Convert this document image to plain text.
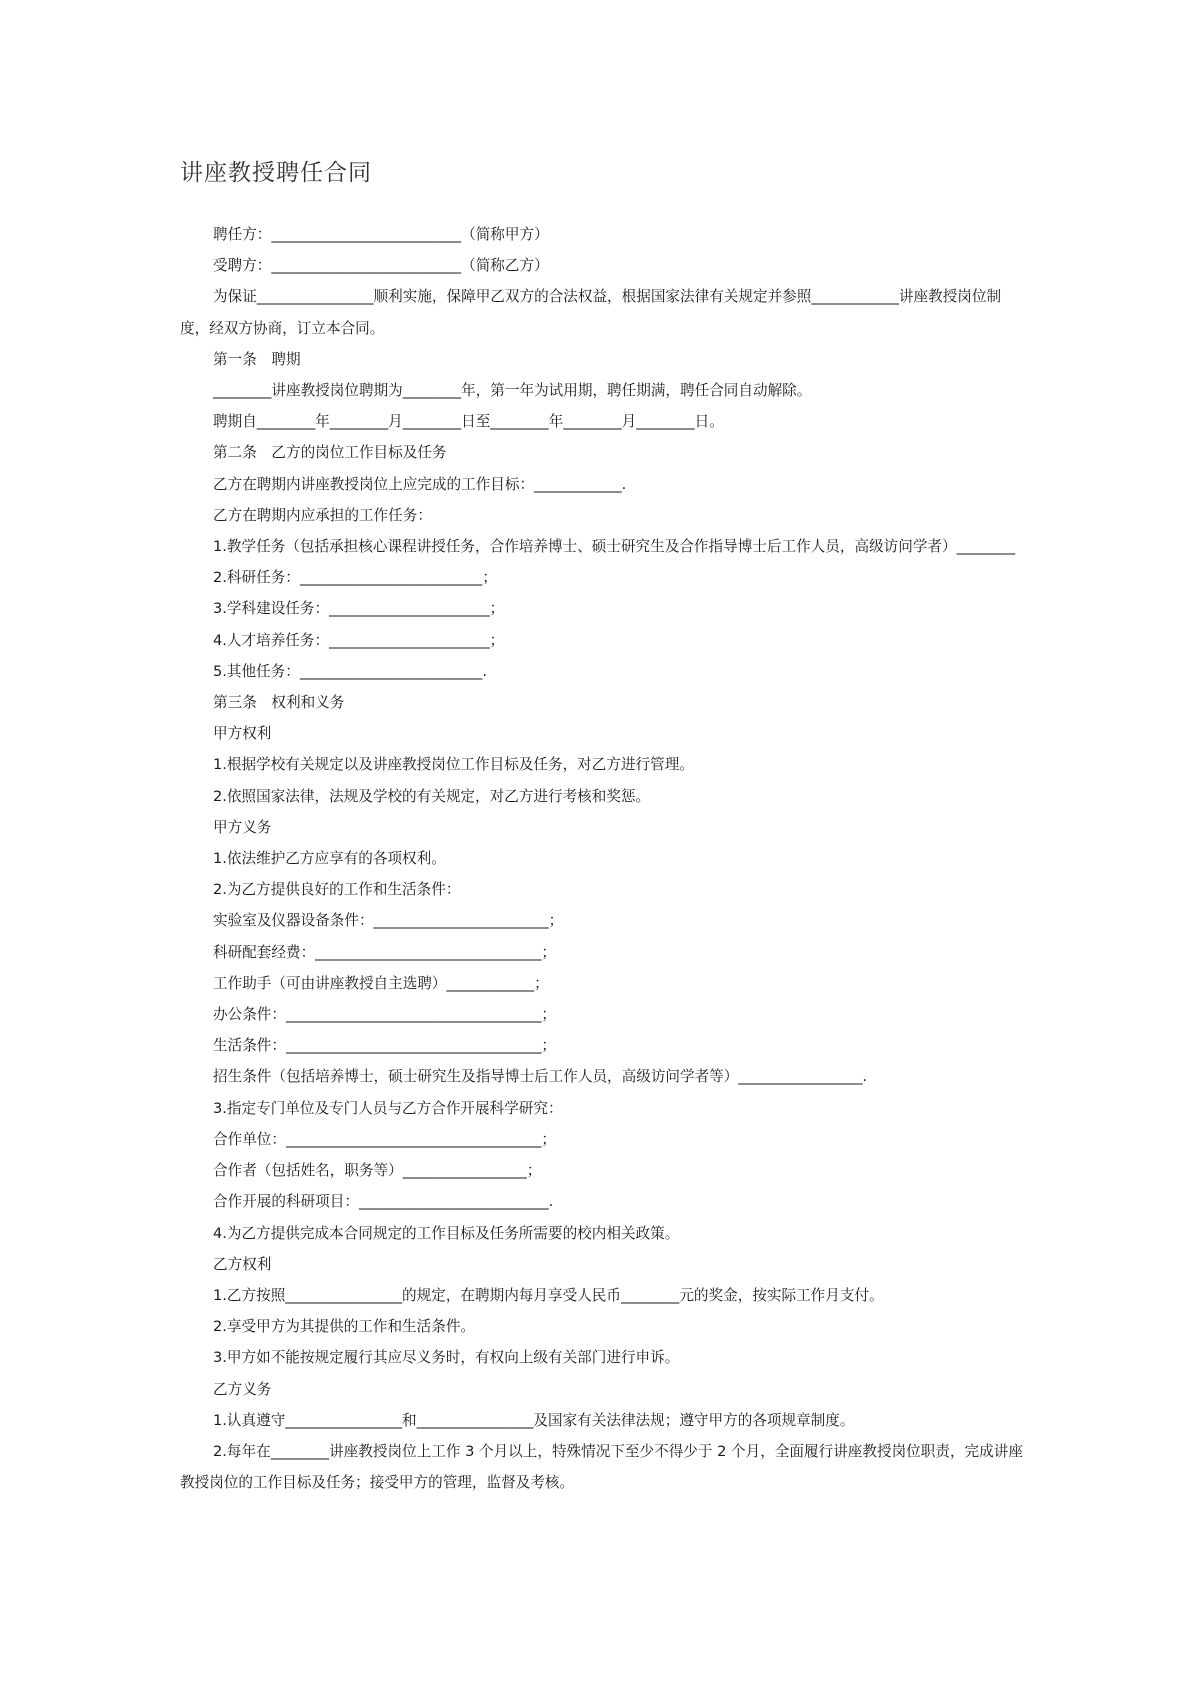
讲座教授聘任合同
聘任方：__________________________（简称甲方）
受聘方：__________________________（简称乙方）
为保证________________顺利实施，保障甲乙双方的合法权益，根据国家法律有关规定并参照____________讲座教授岗位制度，经双方协商，订立本合同。
第一条　聘期
________讲座教授岗位聘期为________年，第一年为试用期，聘任期满，聘任合同自动解除。
聘期自________年________月________日至________年________月________日。
第二条　乙方的岗位工作目标及任务
乙方在聘期内讲座教授岗位上应完成的工作目标：____________.
乙方在聘期内应承担的工作任务：
1.教学任务（包括承担核心课程讲授任务，合作培养博士、硕士研究生及合作指导博士后工作人员，高级访问学者）________
2.科研任务：_________________________；
3.学科建设任务：______________________；
4.人才培养任务：______________________；
5.其他任务：_________________________.
第三条　权利和义务
甲方权利
1.根据学校有关规定以及讲座教授岗位工作目标及任务，对乙方进行管理。
2.依照国家法律，法规及学校的有关规定，对乙方进行考核和奖惩。
甲方义务
1.依法维护乙方应享有的各项权利。
2.为乙方提供良好的工作和生活条件：
实验室及仪器设备条件：________________________；
科研配套经费：_______________________________；
工作助手（可由讲座教授自主选聘）____________；
办公条件：___________________________________；
生活条件：___________________________________；
招生条件（包括培养博士，硕士研究生及指导博士后工作人员，高级访问学者等）_________________.
3.指定专门单位及专门人员与乙方合作开展科学研究：
合作单位：___________________________________；
合作者（包括姓名，职务等）_________________；
合作开展的科研项目：__________________________.
4.为乙方提供完成本合同规定的工作目标及任务所需要的校内相关政策。
乙方权利
1.乙方按照________________的规定，在聘期内每月享受人民币________元的奖金，按实际工作月支付。
2.享受甲方为其提供的工作和生活条件。
3.甲方如不能按规定履行其应尽义务时，有权向上级有关部门进行申诉。
乙方义务
1.认真遵守________________和________________及国家有关法律法规；遵守甲方的各项规章制度。
2.每年在________讲座教授岗位上工作 3 个月以上，特殊情况下至少不得少于 2 个月，全面履行讲座教授岗位职责，完成讲座教授岗位的工作目标及任务；接受甲方的管理，监督及考核。
